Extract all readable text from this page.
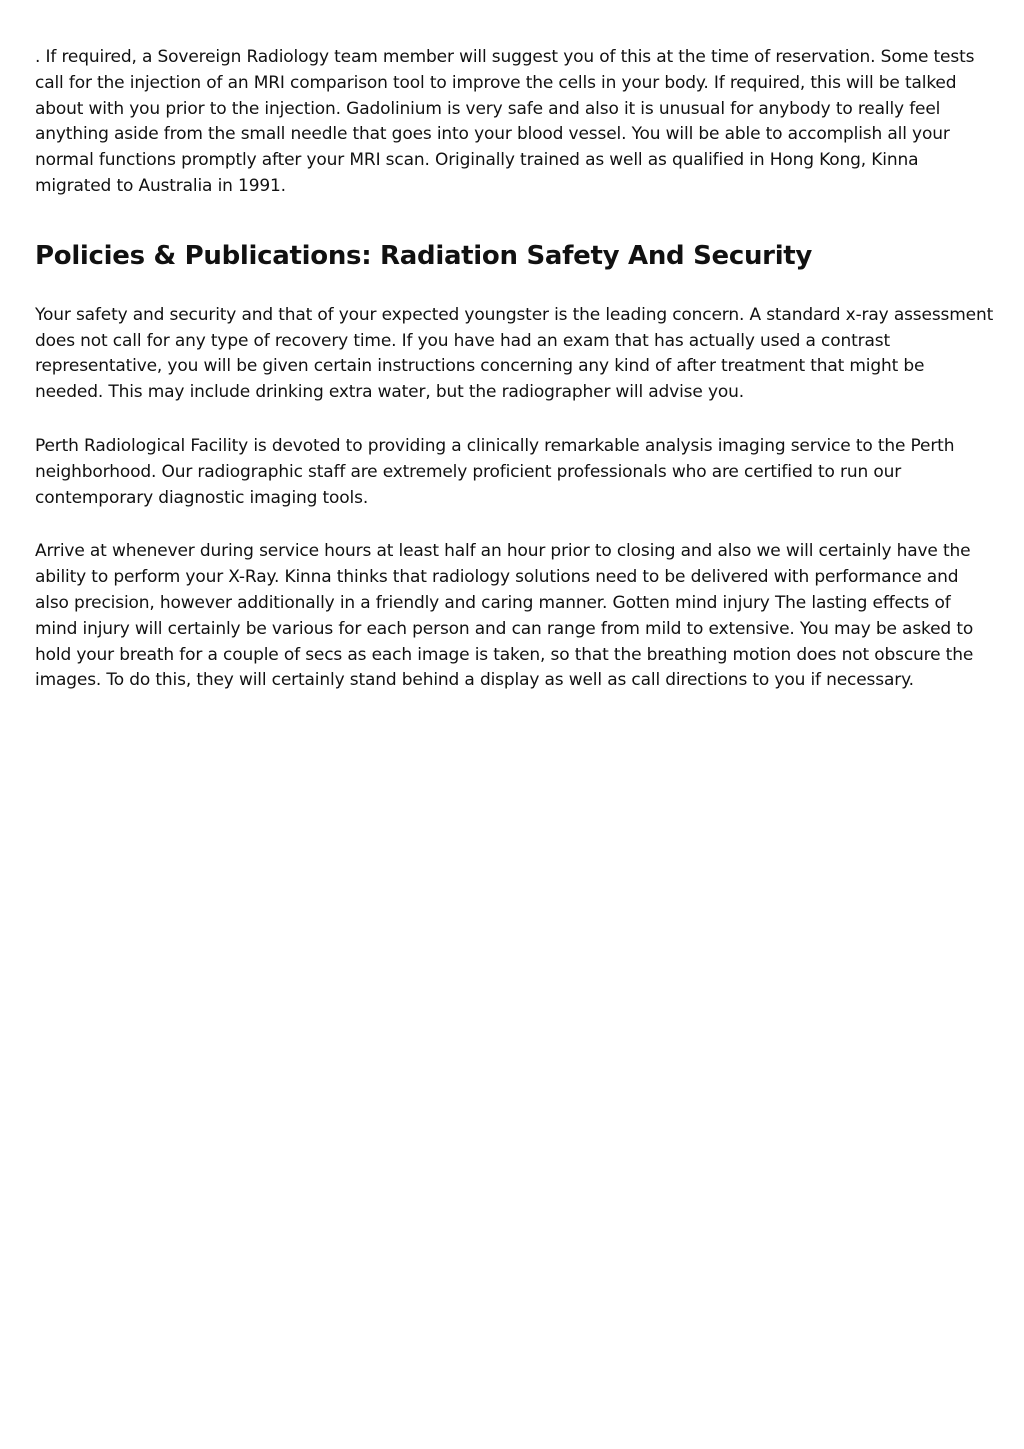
. If required, a Sovereign Radiology team member will suggest you of this at the time of reservation. Some tests call for the injection of an MRI comparison tool to improve the cells in your body. If required, this will be talked about with you prior to the injection. Gadolinium is very safe and also it is unusual for anybody to really feel anything aside from the small needle that goes into your blood vessel. You will be able to accomplish all your normal functions promptly after your MRI scan. Originally trained as well as qualified in Hong Kong, Kinna migrated to Australia in 1991.

Policies & Publications: Radiation Safety And Security

Your safety and security and that of your expected youngster is the leading concern. A standard x-ray assessment does not call for any type of recovery time. If you have had an exam that has actually used a contrast representative, you will be given certain instructions concerning any kind of after treatment that might be needed. This may include drinking extra water, but the radiographer will advise you.

Perth Radiological Facility is devoted to providing a clinically remarkable analysis imaging service to the Perth neighborhood. Our radiographic staff are extremely proficient professionals who are certified to run our contemporary diagnostic imaging tools.

Arrive at whenever during service hours at least half an hour prior to closing and also we will certainly have the ability to perform your X-Ray. Kinna thinks that radiology solutions need to be delivered with performance and also precision, however additionally in a friendly and caring manner. Gotten mind injury The lasting effects of mind injury will certainly be various for each person and can range from mild to extensive. You may be asked to hold your breath for a couple of secs as each image is taken, so that the breathing motion does not obscure the images. To do this, they will certainly stand behind a display as well as call directions to you if necessary.
